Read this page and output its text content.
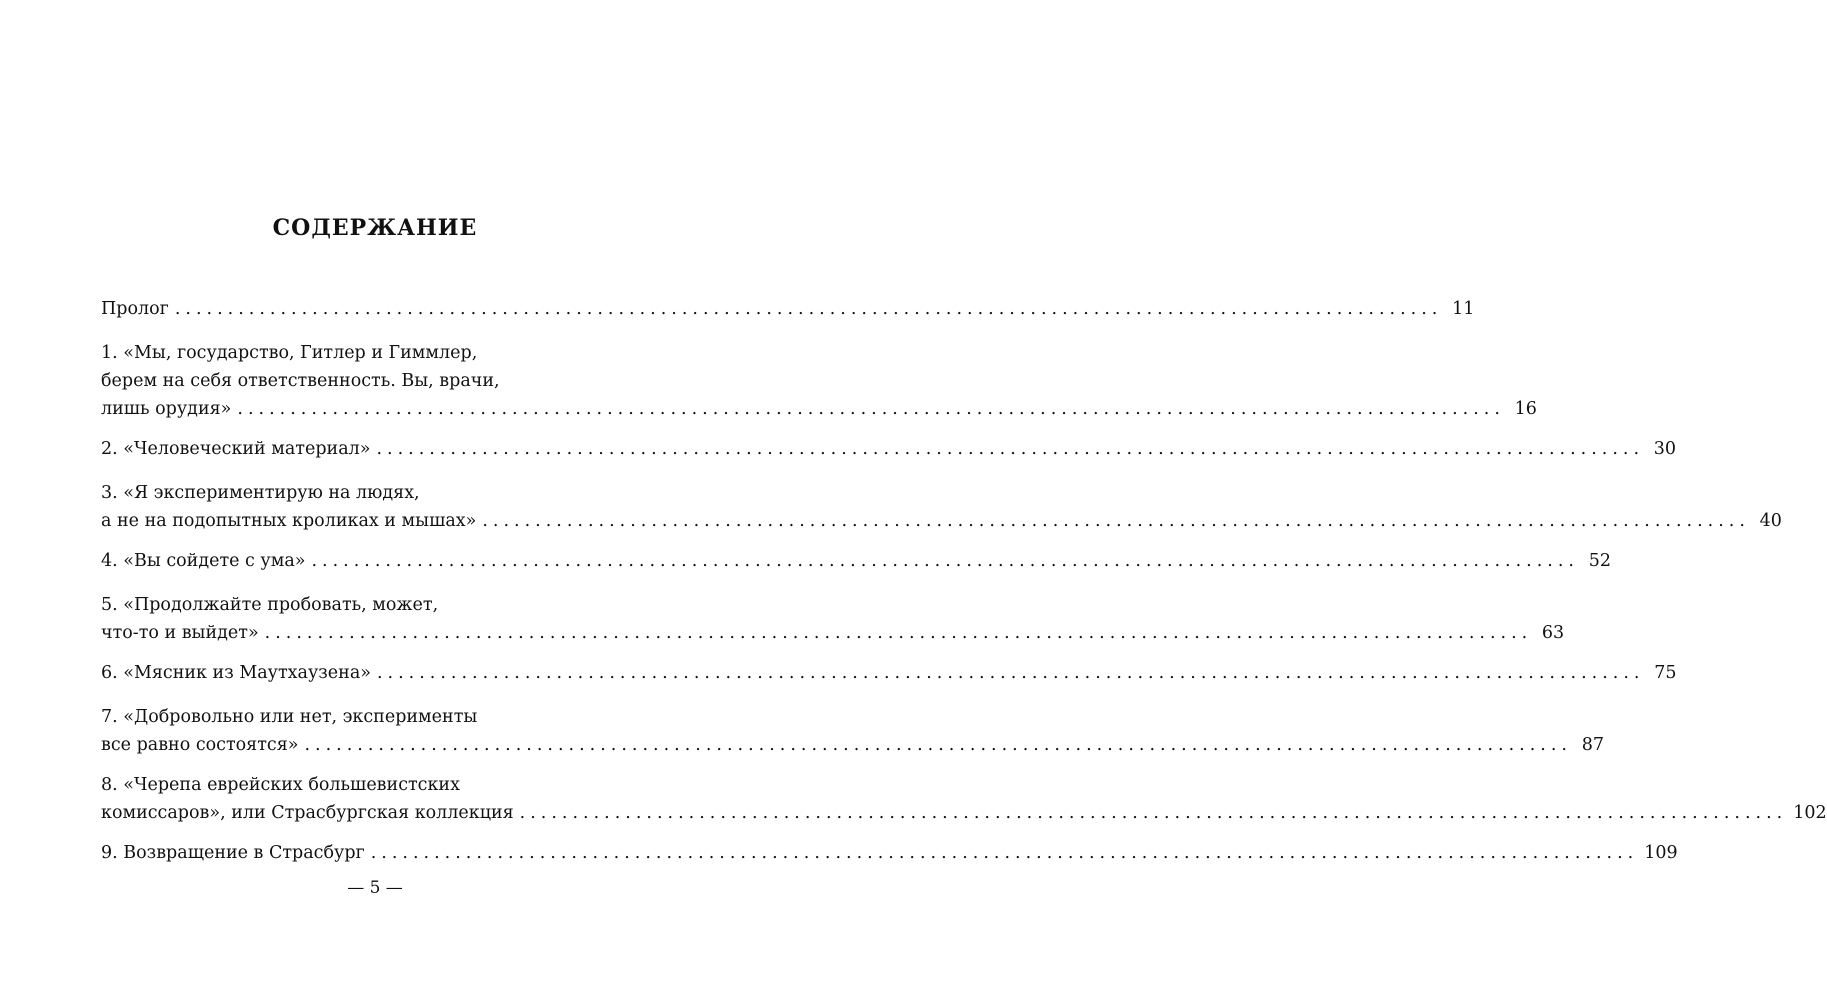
СОДЕРЖАНИЕ
Пролог ........................................................................................................................ 11
1. «Мы, государство, Гитлер и Гиммлер,
берем на себя ответственность. Вы, врачи,
лишь орудия» ........................................................................................................................ 16
2. «Человеческий материал» ........................................................................................................................ 30
3. «Я экспериментирую на людях,
а не на подопытных кроликах и мышах» ........................................................................................................................ 40
4. «Вы сойдете с ума» ........................................................................................................................ 52
5. «Продолжайте пробовать, может,
что-то и выйдет» ........................................................................................................................ 63
6. «Мясник из Маутхаузена» ........................................................................................................................ 75
7. «Добровольно или нет, эксперименты
все равно состоятся» ........................................................................................................................ 87
8. «Черепа еврейских большевистских
комиссаров», или Страсбургская коллекция ........................................................................................................................ 102
9. Возвращение в Страсбург ........................................................................................................................ 109
— 5 —
